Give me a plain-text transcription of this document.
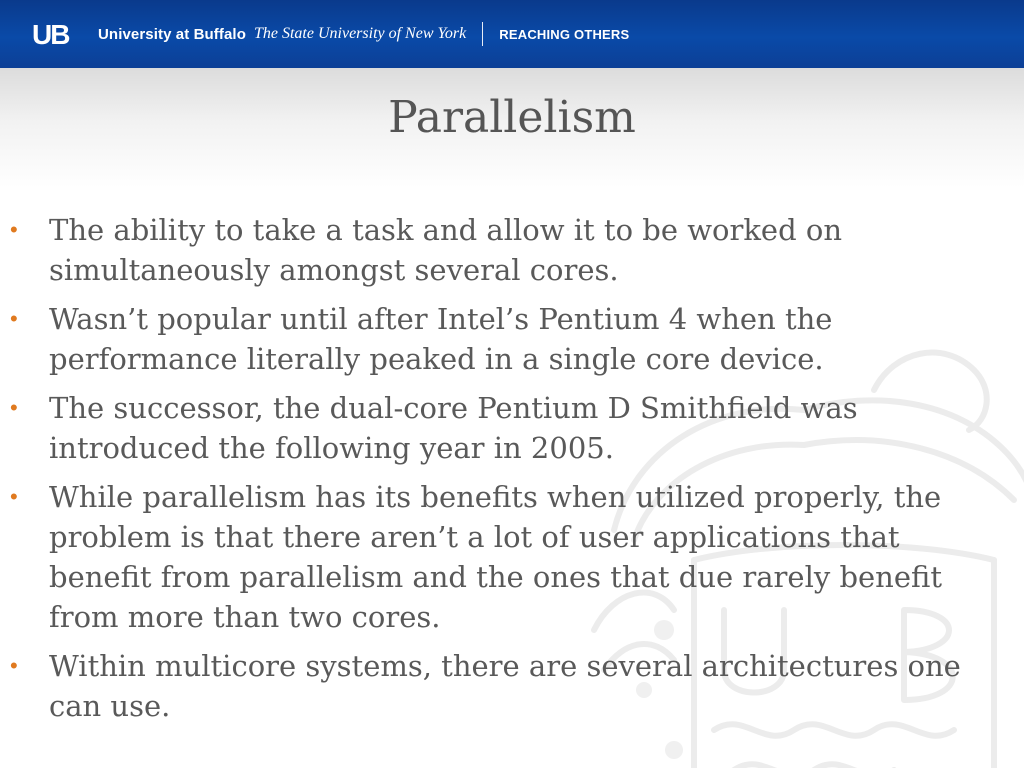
UB University at Buffalo The State University of New York	REACHING OTHERS
Parallelism
• The ability to take a task and allow it to be worked on simultaneously amongst several cores.
• Wasn’t popular until after Intel’s Pentium 4 when the performance literally peaked in a single core device.
• The successor, the dual-core Pentium D Smithfield was introduced the following year in 2005.
• While parallelism has its benefits when utilized properly, the problem is that there aren’t a lot of user applications that benefit from parallelism and the ones that due rarely benefit from more than two cores.
• Within multicore systems, there are several architectures one can use.
